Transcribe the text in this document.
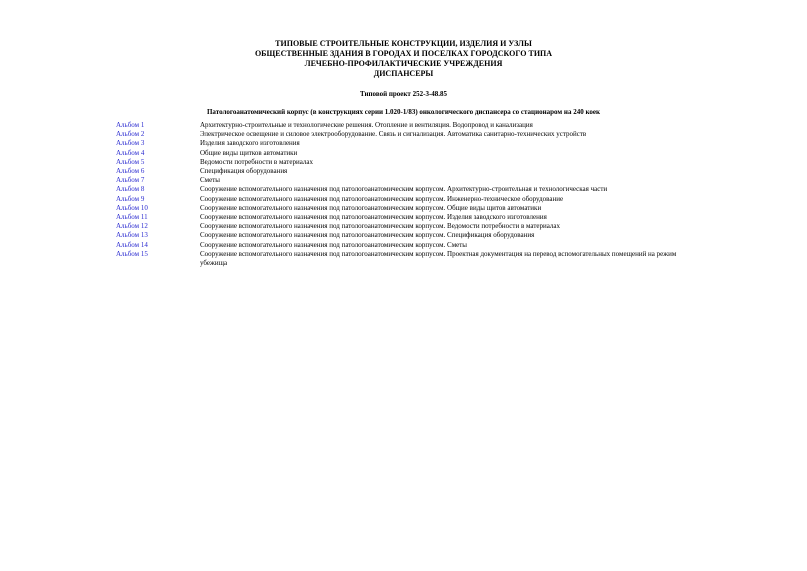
ТИПОВЫЕ СТРОИТЕЛЬНЫЕ КОНСТРУКЦИИ, ИЗДЕЛИЯ И УЗЛЫ
ОБЩЕСТВЕННЫЕ ЗДАНИЯ В ГОРОДАХ И ПОСЕЛКАХ ГОРОДСКОГО ТИПА
ЛЕЧЕБНО-ПРОФИЛАКТИЧЕСКИЕ УЧРЕЖДЕНИЯ
ДИСПАНСЕРЫ
Типовой проект 252-3-48.85
Патологоанатомический корпус (в конструкциях серии 1.020-1/83) онкологического диспансера со стационаром на 240 коек
Альбом 1	Архитектурно-строительные и технологические решения. Отопление и вентиляция. Водопровод и канализация
Альбом 2	Электрическое освещение и силовое электрооборудование. Связь и сигнализация. Автоматика санитарно-технических устройств
Альбом 3	Изделия заводского изготовления
Альбом 4	Общие виды щитков автоматики
Альбом 5	Ведомости потребности в материалах
Альбом 6	Спецификация оборудования
Альбом 7	Сметы
Альбом 8	Сооружение вспомогательного назначения под патологоанатомическим корпусом. Архитектурно-строительная и технологическая части
Альбом 9	Сооружение вспомогательного назначения под патологоанатомическим корпусом. Инженерно-техническое оборудование
Альбом 10	Сооружение вспомогательного назначения под патологоанатомическим корпусом. Общие виды щитов автоматики
Альбом 11	Сооружение вспомогательного назначения под патологоанатомическим корпусом. Изделия заводского изготовления
Альбом 12	Сооружение вспомогательного назначения под патологоанатомическим корпусом. Ведомости потребности в материалах
Альбом 13	Сооружение вспомогательного назначения под патологоанатомическим корпусом. Спецификация оборудования
Альбом 14	Сооружение вспомогательного назначения под патологоанатомическим корпусом. Сметы
Альбом 15	Сооружение вспомогательного назначения под патологоанатомическим корпусом. Проектная документация на перевод вспомогательных помещений на режим убежища
